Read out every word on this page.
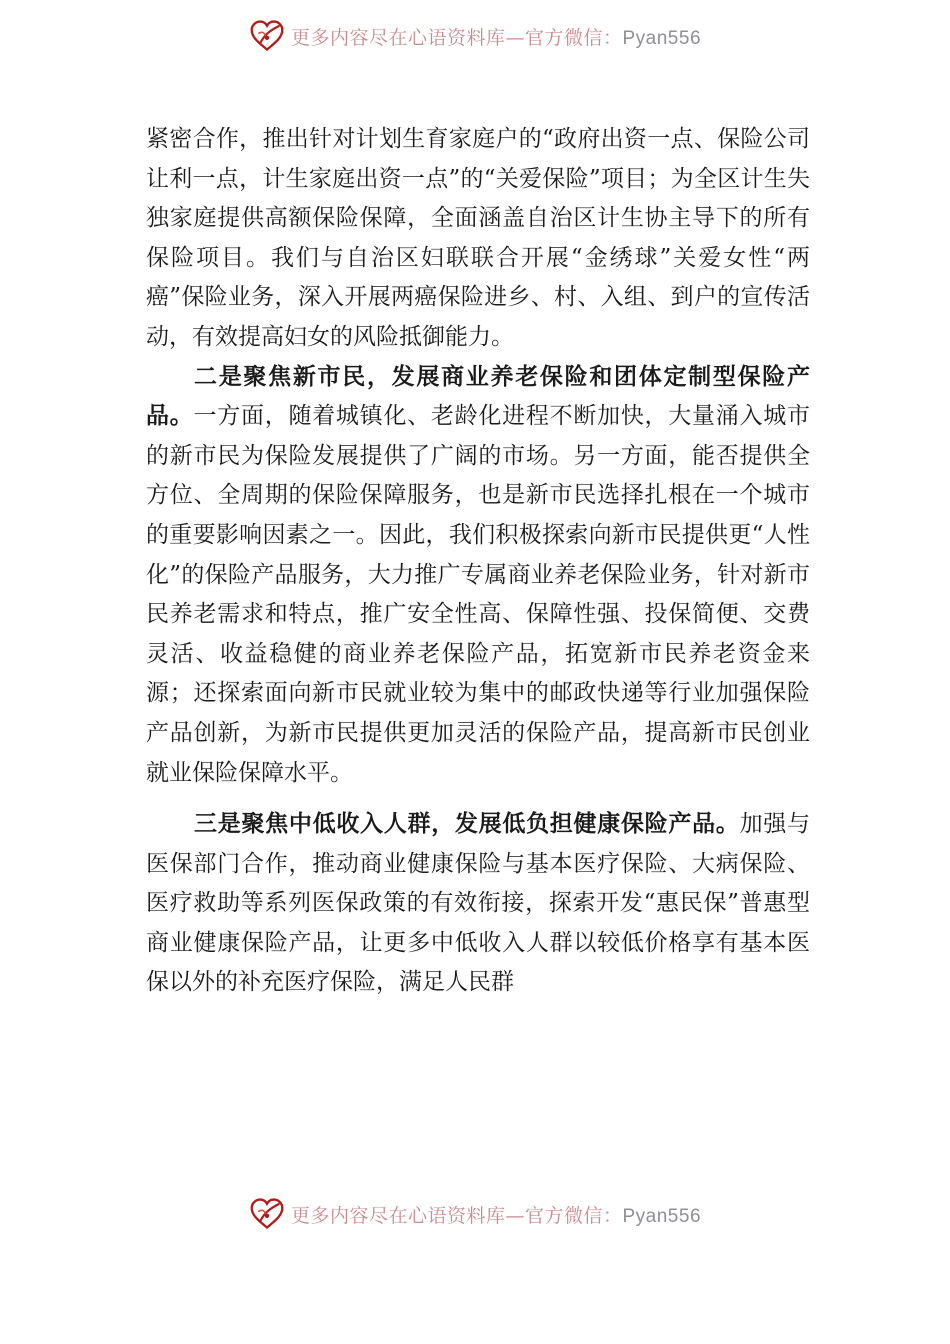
更多内容尽在心语资料库—官方微信：Pyan556

紧密合作，推出针对计划生育家庭户的“政府出资一点、保险公司让利一点，计生家庭出资一点”的“关爱保险”项目；为全区计生失独家庭提供高额保险保障，全面涵盖自治区计生协主导下的所有保险项目。我们与自治区妇联联合开展“金绣球”关爱女性“两癌”保险业务，深入开展两癌保险进乡、村、入组、到户的宣传活动，有效提高妇女的风险抵御能力。

二是聚焦新市民，发展商业养老保险和团体定制型保险产品。一方面，随着城镇化、老龄化进程不断加快，大量涌入城市的新市民为保险发展提供了广阔的市场。另一方面，能否提供全方位、全周期的保险保障服务，也是新市民选择扎根在一个城市的重要影响因素之一。因此，我们积极探索向新市民提供更“人性化”的保险产品服务，大力推广专属商业养老保险业务，针对新市民养老需求和特点，推广安全性高、保障性强、投保简便、交费灵活、收益稳健的商业养老保险产品，拓宽新市民养老资金来源；还探索面向新市民就业较为集中的邮政快递等行业加强保险产品创新，为新市民提供更加灵活的保险产品，提高新市民创业就业保险保障水平。

三是聚焦中低收入人群，发展低负担健康保险产品。加强与医保部门合作，推动商业健康保险与基本医疗保险、大病保险、医疗救助等系列医保政策的有效衔接，探索开发“惠民保”普惠型商业健康保险产品，让更多中低收入人群以较低价格享有基本医保以外的补充医疗保险，满足人民群

更多内容尽在心语资料库—官方微信：Pyan556
